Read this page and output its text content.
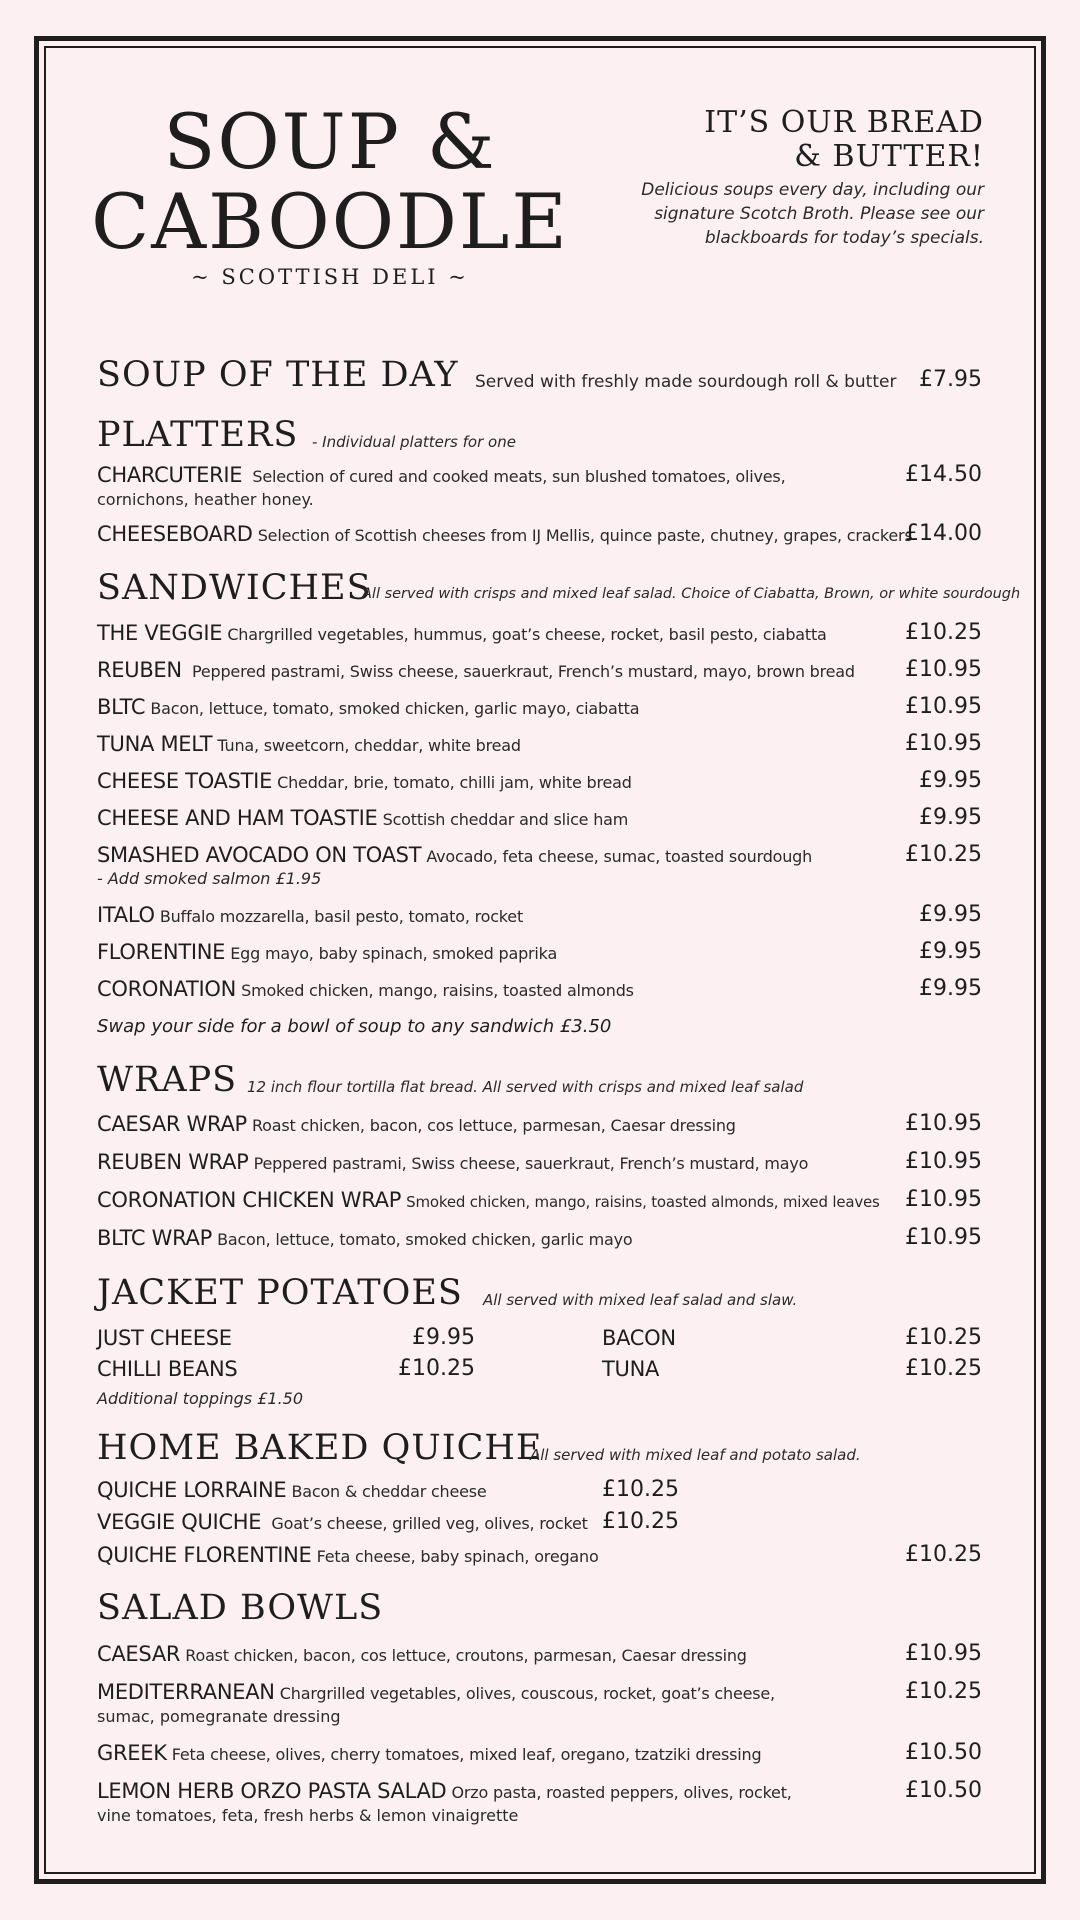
SOUP &
CABOODLE
~ SCOTTISH DELI ~
IT’S OUR BREAD
& BUTTER!
Delicious soups every day, including our signature Scotch Broth. Please see our blackboards for today’s specials.
SOUP OF THE DAY Served with freshly made sourdough roll & butter £7.95
PLATTERS - Individual platters for one
CHARCUTERIE Selection of cured and cooked meats, sun blushed tomatoes, olives,
cornichons, heather honey.
£14.50
CHEESEBOARD Selection of Scottish cheeses from IJ Mellis, quince paste, chutney, grapes, crackers
£14.00
SANDWICHES
All served with crisps and mixed leaf salad. Choice of Ciabatta, Brown, or white sourdough
THE VEGGIE Chargrilled vegetables, hummus, goat’s cheese, rocket, basil pesto, ciabatta	£10.25
REUBEN Peppered pastrami, Swiss cheese, sauerkraut, French’s mustard, mayo, brown bread £10.95
BLTC Bacon, lettuce, tomato, smoked chicken, garlic mayo, ciabatta	£10.95
TUNA MELT Tuna, sweetcorn, cheddar, white bread	£10.95
CHEESE TOASTIE Cheddar, brie, tomato, chilli jam, white bread	£9.95
CHEESE AND HAM TOASTIE Scottish cheddar and slice ham	£9.95
SMASHED AVOCADO ON TOAST Avocado, feta cheese, sumac, toasted sourdough
- Add smoked salmon £1.95
£10.25
ITALO Buffalo mozzarella, basil pesto, tomato, rocket	£9.95
FLORENTINE Egg mayo, baby spinach, smoked paprika	£9.95
CORONATION Smoked chicken, mango, raisins, toasted almonds	£9.95
Swap your side for a bowl of soup to any sandwich £3.50
WRAPS 12 inch flour tortilla flat bread. All served with crisps and mixed leaf salad
CAESAR WRAP Roast chicken, bacon, cos lettuce, parmesan, Caesar dressing	£10.95
REUBEN WRAP Peppered pastrami, Swiss cheese, sauerkraut, French’s mustard, mayo	£10.95
CORONATION CHICKEN WRAP Smoked chicken, mango, raisins, toasted almonds, mixed leaves £10.95
BLTC WRAP Bacon, lettuce, tomato, smoked chicken, garlic mayo	£10.95
JACKET POTATOES All served with mixed leaf salad and slaw.
JUST CHEESE	£9.95
CHILLI BEANS	£10.25
BACON	£10.25
TUNA	£10.25
Additional toppings £1.50
HOME BAKED QUICHE
All served with mixed leaf and potato salad.
QUICHE LORRAINE Bacon & cheddar cheese	£10.25
VEGGIE QUICHE Goat’s cheese, grilled veg, olives, rocket £10.25
QUICHE FLORENTINE Feta cheese, baby spinach, oregano	£10.25
SALAD BOWLS
CAESAR Roast chicken, bacon, cos lettuce, croutons, parmesan, Caesar dressing	£10.95
MEDITERRANEAN Chargrilled vegetables, olives, couscous, rocket, goat’s cheese,
sumac, pomegranate dressing
£10.25
GREEK Feta cheese, olives, cherry tomatoes, mixed leaf, oregano, tzatziki dressing	£10.50
LEMON HERB ORZO PASTA SALAD Orzo pasta, roasted peppers, olives, rocket,
vine tomatoes, feta, fresh herbs & lemon vinaigrette
£10.50
